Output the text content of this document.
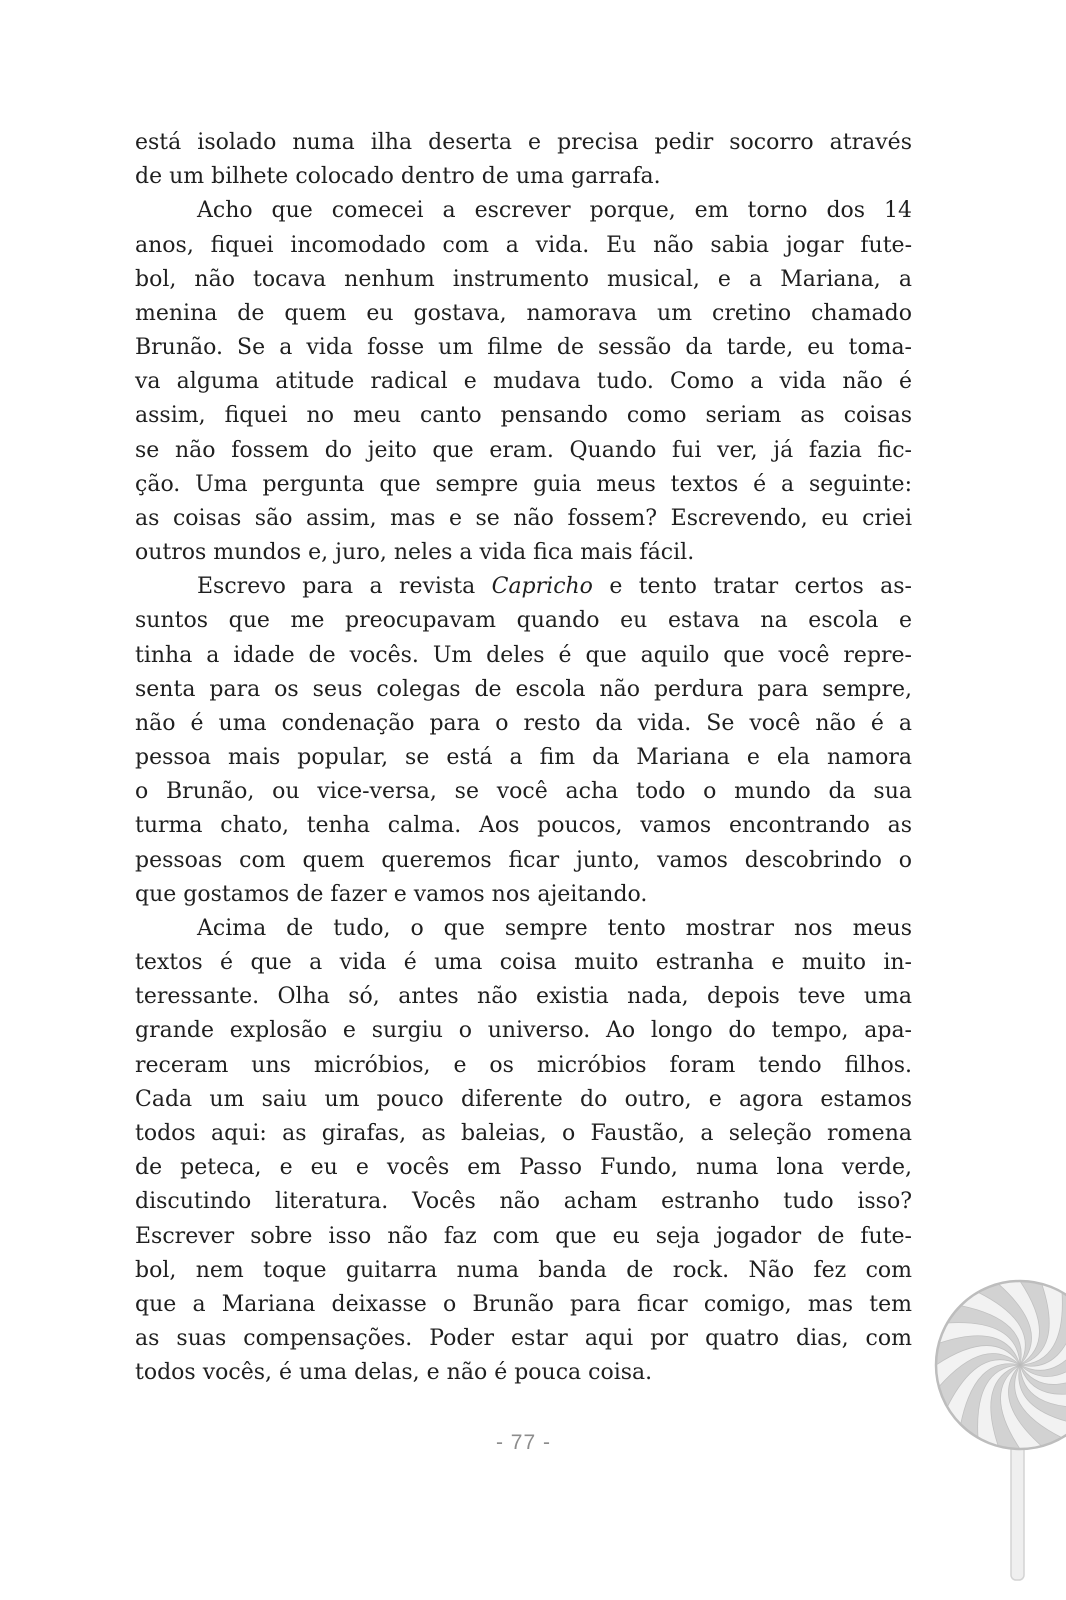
está isolado numa ilha deserta e precisa pedir socorro através
de um bilhete colocado dentro de uma garrafa.
Acho que comecei a escrever porque, em torno dos 14
anos, fiquei incomodado com a vida. Eu não sabia jogar fute-
bol, não tocava nenhum instrumento musical, e a Mariana, a
menina de quem eu gostava, namorava um cretino chamado
Brunão. Se a vida fosse um filme de sessão da tarde, eu toma-
va alguma atitude radical e mudava tudo. Como a vida não é
assim, fiquei no meu canto pensando como seriam as coisas
se não fossem do jeito que eram. Quando fui ver, já fazia fic-
ção. Uma pergunta que sempre guia meus textos é a seguinte:
as coisas são assim, mas e se não fossem? Escrevendo, eu criei
outros mundos e, juro, neles a vida fica mais fácil.
Escrevo para a revista Capricho e tento tratar certos as-
suntos que me preocupavam quando eu estava na escola e
tinha a idade de vocês. Um deles é que aquilo que você repre-
senta para os seus colegas de escola não perdura para sempre,
não é uma condenação para o resto da vida. Se você não é a
pessoa mais popular, se está a fim da Mariana e ela namora
o Brunão, ou vice-versa, se você acha todo o mundo da sua
turma chato, tenha calma. Aos poucos, vamos encontrando as
pessoas com quem queremos ficar junto, vamos descobrindo o
que gostamos de fazer e vamos nos ajeitando.
Acima de tudo, o que sempre tento mostrar nos meus
textos é que a vida é uma coisa muito estranha e muito in-
teressante. Olha só, antes não existia nada, depois teve uma
grande explosão e surgiu o universo. Ao longo do tempo, apa-
receram uns micróbios, e os micróbios foram tendo filhos.
Cada um saiu um pouco diferente do outro, e agora estamos
todos aqui: as girafas, as baleias, o Faustão, a seleção romena
de peteca, e eu e vocês em Passo Fundo, numa lona verde,
discutindo literatura. Vocês não acham estranho tudo isso?
Escrever sobre isso não faz com que eu seja jogador de fute-
bol, nem toque guitarra numa banda de rock. Não fez com
que a Mariana deixasse o Brunão para ficar comigo, mas tem
as suas compensações. Poder estar aqui por quatro dias, com
todos vocês, é uma delas, e não é pouca coisa.
- 77 -
